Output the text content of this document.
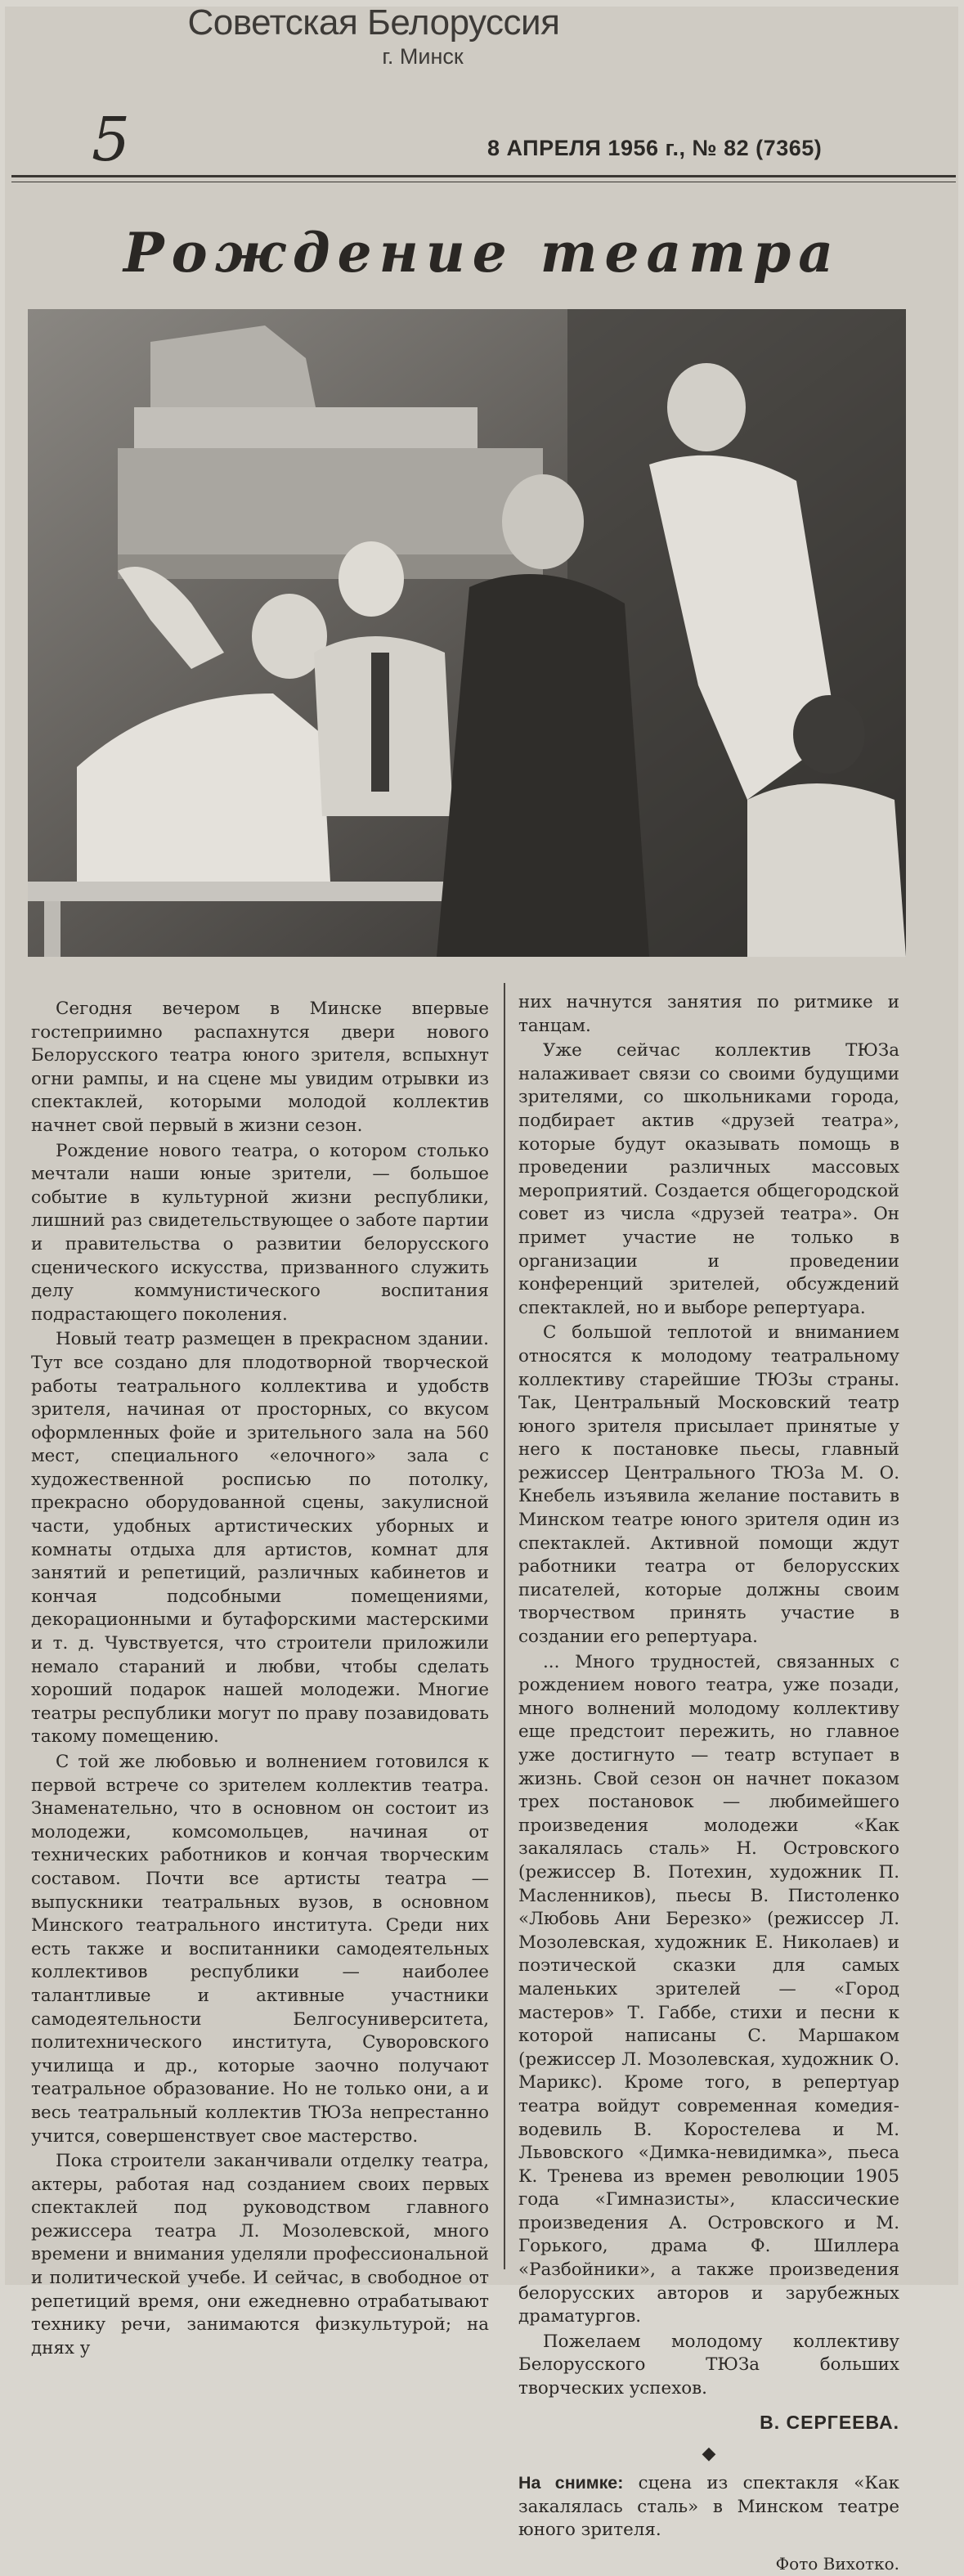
Советская Белоруссия
г. Минск
5	8 АПРЕЛЯ 1956 г., № 82 (7365)
Рождение театра

Сегодня вечером в Минске впервые гостеприимно распахнутся двери нового Белорусского театра юного зрителя, вспыхнут огни рампы, и на сцене мы увидим отрывки из спектаклей, которыми молодой коллектив начнет свой первый в жизни сезон.

Рождение нового театра, о котором столько мечтали наши юные зрители, — большое событие в культурной жизни республики, лишний раз свидетельствующее о заботе партии и правительства о развитии белорусского сценического искусства, призванного служить делу коммунистического воспитания подрастающего поколения.

Новый театр размещен в прекрасном здании. Тут все создано для плодотворной творческой работы театрального коллектива и удобств зрителя, начиная от просторных, со вкусом оформленных фойе и зрительного зала на 560 мест, специального «елочного» зала с художественной росписью по потолку, прекрасно оборудованной сцены, закулисной части, удобных артистических уборных и комнаты отдыха для артистов, комнат для занятий и репетиций, различных кабинетов и кончая подсобными помещениями, декорационными и бутафорскими мастерскими и т. д. Чувствуется, что строители приложили немало стараний и любви, чтобы сделать хороший подарок нашей молодежи. Многие театры республики могут по праву позавидовать такому помещению.

С той же любовью и волнением готовился к первой встрече со зрителем коллектив театра. Знаменательно, что в основном он состоит из молодежи, комсомольцев, начиная от технических работников и кончая творческим составом. Почти все артисты театра — выпускники театральных вузов, в основном Минского театрального института. Среди них есть также и воспитанники самодеятельных коллективов республики — наиболее талантливые и активные участники самодеятельности Белгосуниверситета, политехнического института, Суворовского училища и др., которые заочно получают театральное образование. Но не только они, а и весь театральный коллектив ТЮЗа непрестанно учится, совершенствует свое мастерство.

Пока строители заканчивали отделку театра, актеры, работая над созданием своих первых спектаклей под руководством главного режиссера театра Л. Мозолевской, много времени и внимания уделяли профессиональной и политической учебе. И сейчас, в свободное от репетиций время, они ежедневно отрабатывают технику речи, занимаются физкультурой; на днях у

них начнутся занятия по ритмике и танцам.

Уже сейчас коллектив ТЮЗа налаживает связи со своими будущими зрителями, со школьниками города, подбирает актив «друзей театра», которые будут оказывать помощь в проведении различных массовых мероприятий. Создается общегородской совет из числа «друзей театра». Он примет участие не только в организации и проведении конференций зрителей, обсуждений спектаклей, но и выборе репертуара.

С большой теплотой и вниманием относятся к молодому театральному коллективу старейшие ТЮЗы страны. Так, Центральный Московский театр юного зрителя присылает принятые у него к постановке пьесы, главный режиссер Центрального ТЮЗа М. О. Кнебель изъявила желание поставить в Минском театре юного зрителя один из спектаклей. Активной помощи ждут работники театра от белорусских писателей, которые должны своим творчеством принять участие в создании его репертуара.

... Много трудностей, связанных с рождением нового театра, уже позади, много волнений молодому коллективу еще предстоит пережить, но главное уже достигнуто — театр вступает в жизнь. Свой сезон он начнет показом трех постановок — любимейшего произведения молодежи «Как закалялась сталь» Н. Островского (режиссер В. Потехин, художник П. Масленников), пьесы В. Пистоленко «Любовь Ани Березко» (режиссер Л. Мозолевская, художник Е. Николаев) и поэтической сказки для самых маленьких зрителей — «Город мастеров» Т. Габбе, стихи и песни к которой написаны С. Маршаком (режиссер Л. Мозолевская, художник О. Марикс). Кроме того, в репертуар театра войдут современная комедия-водевиль В. Коростелева и М. Львовского «Димка-невидимка», пьеса К. Тренева из времен революции 1905 года «Гимназисты», классические произведения А. Островского и М. Горького, драма Ф. Шиллера «Разбойники», а также произведения белорусских авторов и зарубежных драматургов.

Пожелаем молодому коллективу Белорусского ТЮЗа больших творческих успехов.

В. СЕРГЕЕВА.
◆

На снимке: сцена из спектакля «Как закалялась сталь» в Минском театре юного зрителя.

Фото Вихотко.
